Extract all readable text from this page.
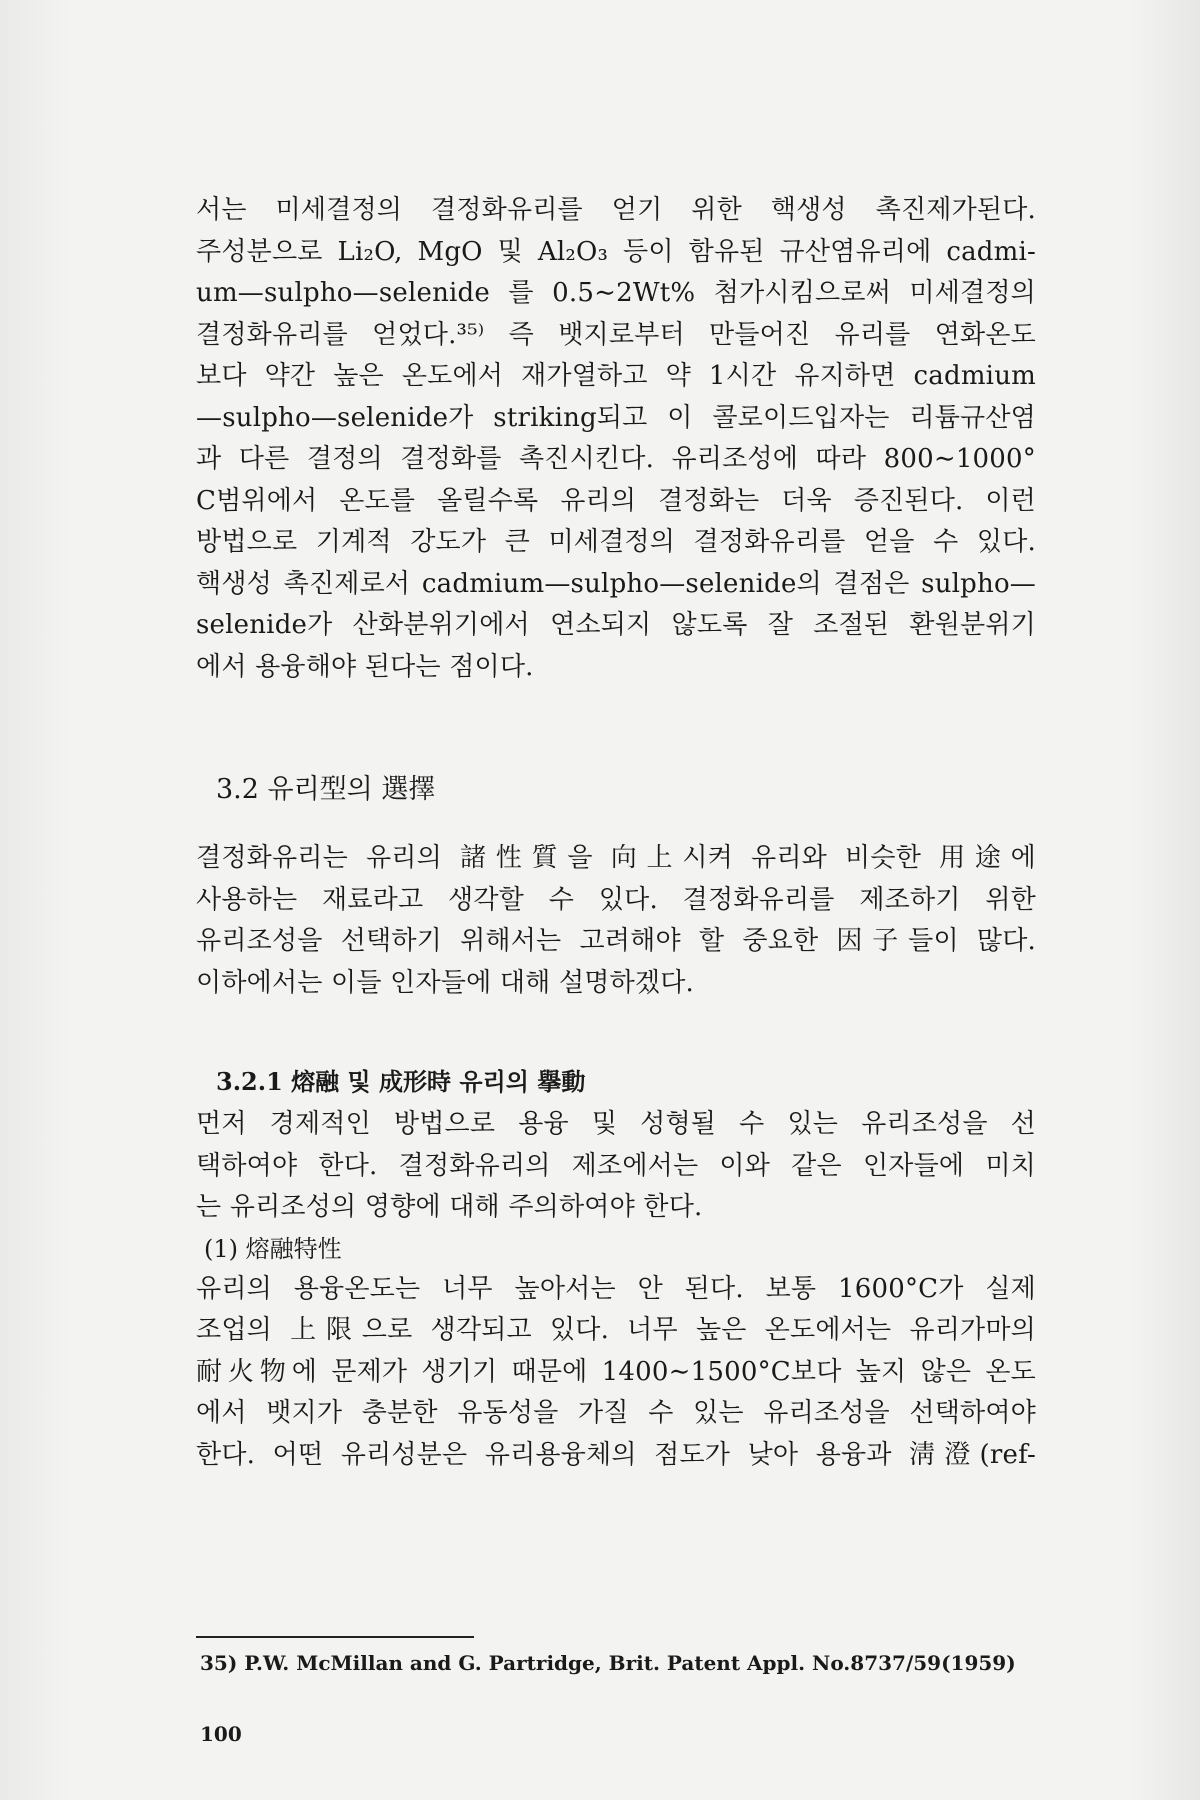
서는 미세결정의 결정화유리를 얻기 위한 핵생성 촉진제가된다.
주성분으로 Li₂O, MgO 및 Al₂O₃ 등이 함유된 규산염유리에 cadmi-
um—sulpho—selenide 를 0.5∼2Wt% 첨가시킴으로써 미세결정의
결정화유리를 얻었다.³⁵⁾ 즉 뱃지로부터 만들어진 유리를 연화온도
보다 약간 높은 온도에서 재가열하고 약 1시간 유지하면 cadmium
—sulpho—selenide가 striking되고 이 콜로이드입자는 리튬규산염
과 다른 결정의 결정화를 촉진시킨다. 유리조성에 따라 800∼1000°
C범위에서 온도를 올릴수록 유리의 결정화는 더욱 증진된다. 이런
방법으로 기계적 강도가 큰 미세결정의 결정화유리를 얻을 수 있다.
핵생성 촉진제로서 cadmium—sulpho—selenide의 결점은 sulpho—
selenide가 산화분위기에서 연소되지 않도록 잘 조절된 환원분위기
에서 용융해야 된다는 점이다.
3.2 유리型의 選擇
결정화유리는 유리의 諸性質을 向上시켜 유리와 비슷한 用途에
사용하는 재료라고 생각할 수 있다. 결정화유리를 제조하기 위한
유리조성을 선택하기 위해서는 고려해야 할 중요한 因子들이 많다.
이하에서는 이들 인자들에 대해 설명하겠다.
3.2.1 熔融 및 成形時 유리의 擧動
먼저 경제적인 방법으로 용융 및 성형될 수 있는 유리조성을 선
택하여야 한다. 결정화유리의 제조에서는 이와 같은 인자들에 미치
는 유리조성의 영향에 대해 주의하여야 한다.
(1) 熔融特性
유리의 용융온도는 너무 높아서는 안 된다. 보통 1600°C가 실제
조업의 上限으로 생각되고 있다. 너무 높은 온도에서는 유리가마의
耐火物에 문제가 생기기 때문에 1400∼1500°C보다 높지 않은 온도
에서 뱃지가 충분한 유동성을 가질 수 있는 유리조성을 선택하여야
한다. 어떤 유리성분은 유리용융체의 점도가 낮아 용융과 淸澄(ref-
35) P.W. McMillan and G. Partridge, Brit. Patent Appl. No.8737/59(1959)
100
